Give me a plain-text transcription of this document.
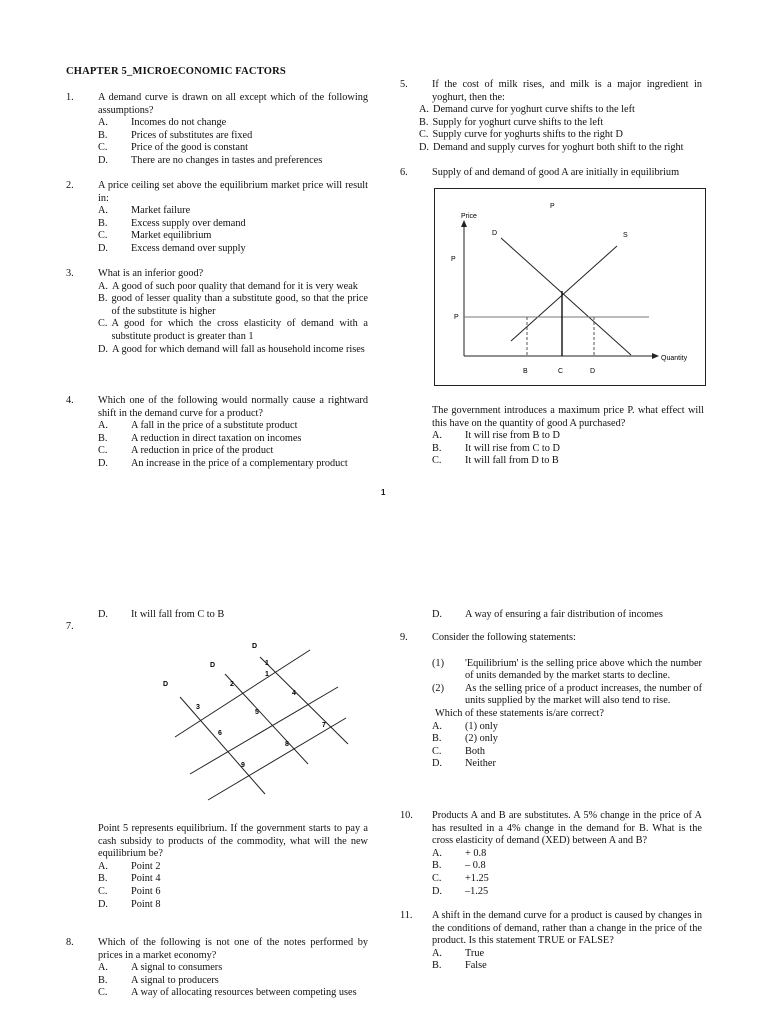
CHAPTER 5_MICROECONOMIC FACTORS
1. A demand curve is drawn on all except which of the following assumptions?
A.	Incomes do not change
B.	Prices of substitutes are fixed
C.	Price of the good is constant
D.	There are no changes in tastes and preferences
2. A price ceiling set above the equilibrium market price will result in:
A.	Market failure
B.	Excess supply over demand
C.	Market equilibrium
D.	Excess demand over supply
3. What is an inferior good?
A. A good of such poor quality that demand for it is very weak
B. good of lesser quality than a substitute good, so that the price of the substitute is higher
C. A good for which the cross elasticity of demand with a substitute product is greater than 1
D. A good for which demand will fall as household income rises
4. Which one of the following would normally cause a rightward shift in the demand curve for a product?
A.	A fall in the price of a substitute product
B.	A reduction in direct taxation on incomes
C.	A reduction in price of the product
D.	An increase in the price of a complementary product
5. If the cost of milk rises, and milk is a major ingredient in yoghurt, then the:
A. Demand curve for yoghurt curve shifts to the left
B. Supply for yoghurt curve shifts to the left
C. Supply curve for yoghurts shifts to the right D
D. Demand and supply curves for yoghurt both shift to the right
6. Supply of and demand of good A are initially in equilibrium
P
Price
D	S
P
P
Quantity
B	C	D
The government introduces a maximum price P. what effect will this have on the quantity of good A purchased?
A.	It will rise from B to D
B.	It will rise from C to D
C.	It will fall from D to B
1
D.	It will fall from C to B
7.
D
D
D
1
1
2
3
4
5
6
7
8
9
Point 5 represents equilibrium. If the government starts to pay a cash subsidy to products of the commodity, what will the new equilibrium be?
A.	Point 2
B.	Point 4
C.	Point 6
D.	Point 8
8. Which of the following is not one of the notes performed by prices in a market economy?
A.	A signal to consumers
B.	A signal to producers
C.	A way of allocating resources between competing uses
D.	A way of ensuring a fair distribution of incomes
9. Consider the following statements:
(1)	'Equilibrium' is the selling price above which the number of units demanded by the market starts to decline.
(2)	As the selling price of a product increases, the number of units supplied by the market will also tend to rise.
Which of these statements is/are correct?
A.	(1) only
B.	(2) only
C.	Both
D.	Neither
10. Products A and B are substitutes. A 5% change in the price of A has resulted in a 4% change in the demand for B. What is the cross elasticity of demand (XED) between A and B?
A.	+ 0.8
B.	– 0.8
C.	+1.25
D.	–1.25
11. A shift in the demand curve for a product is caused by changes in the conditions of demand, rather than a change in the price of the product. Is this statement TRUE or FALSE?
A.	True
B.	False
